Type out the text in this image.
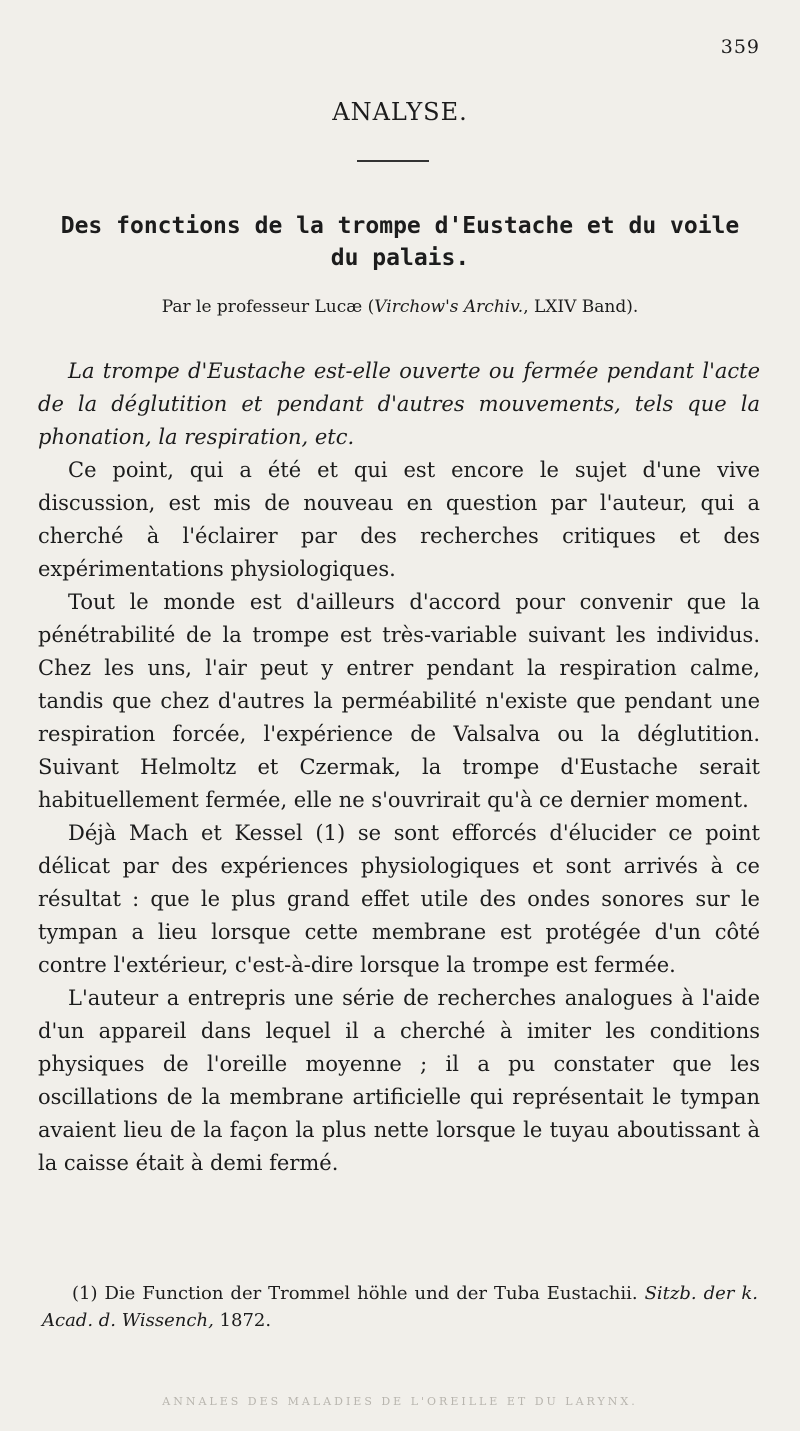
359
ANALYSE.
Des fonctions de la trompe d'Eustache et du voile du palais.
Par le professeur Lucæ (Virchow's Archiv., LXIV Band).

La trompe d'Eustache est-elle ouverte ou fermée pendant l'acte de la déglutition et pendant d'autres mouvements, tels que la phonation, la respiration, etc.

Ce point, qui a été et qui est encore le sujet d'une vive discussion, est mis de nouveau en question par l'auteur, qui a cherché à l'éclairer par des recherches critiques et des expérimentations physiologiques.

Tout le monde est d'ailleurs d'accord pour convenir que la pénétrabilité de la trompe est très-variable suivant les individus. Chez les uns, l'air peut y entrer pendant la respiration calme, tandis que chez d'autres la perméabilité n'existe que pendant une respiration forcée, l'expérience de Valsalva ou la déglutition. Suivant Helmoltz et Czermak, la trompe d'Eustache serait habituellement fermée, elle ne s'ouvrirait qu'à ce dernier moment.

Déjà Mach et Kessel (1) se sont efforcés d'élucider ce point délicat par des expériences physiologiques et sont arrivés à ce résultat : que le plus grand effet utile des ondes sonores sur le tympan a lieu lorsque cette membrane est protégée d'un côté contre l'extérieur, c'est-à-dire lorsque la trompe est fermée.

L'auteur a entrepris une série de recherches analogues à l'aide d'un appareil dans lequel il a cherché à imiter les conditions physiques de l'oreille moyenne ; il a pu constater que les oscillations de la membrane artificielle qui représentait le tympan avaient lieu de la façon la plus nette lorsque le tuyau aboutissant à la caisse était à demi fermé.

(1) Die Function der Trommel höhle und der Tuba Eustachii. Sitzb. der k. Acad. d. Wissench, 1872.

ANNALES DES MALADIES DE L'OREILLE ET DU LARYNX.
